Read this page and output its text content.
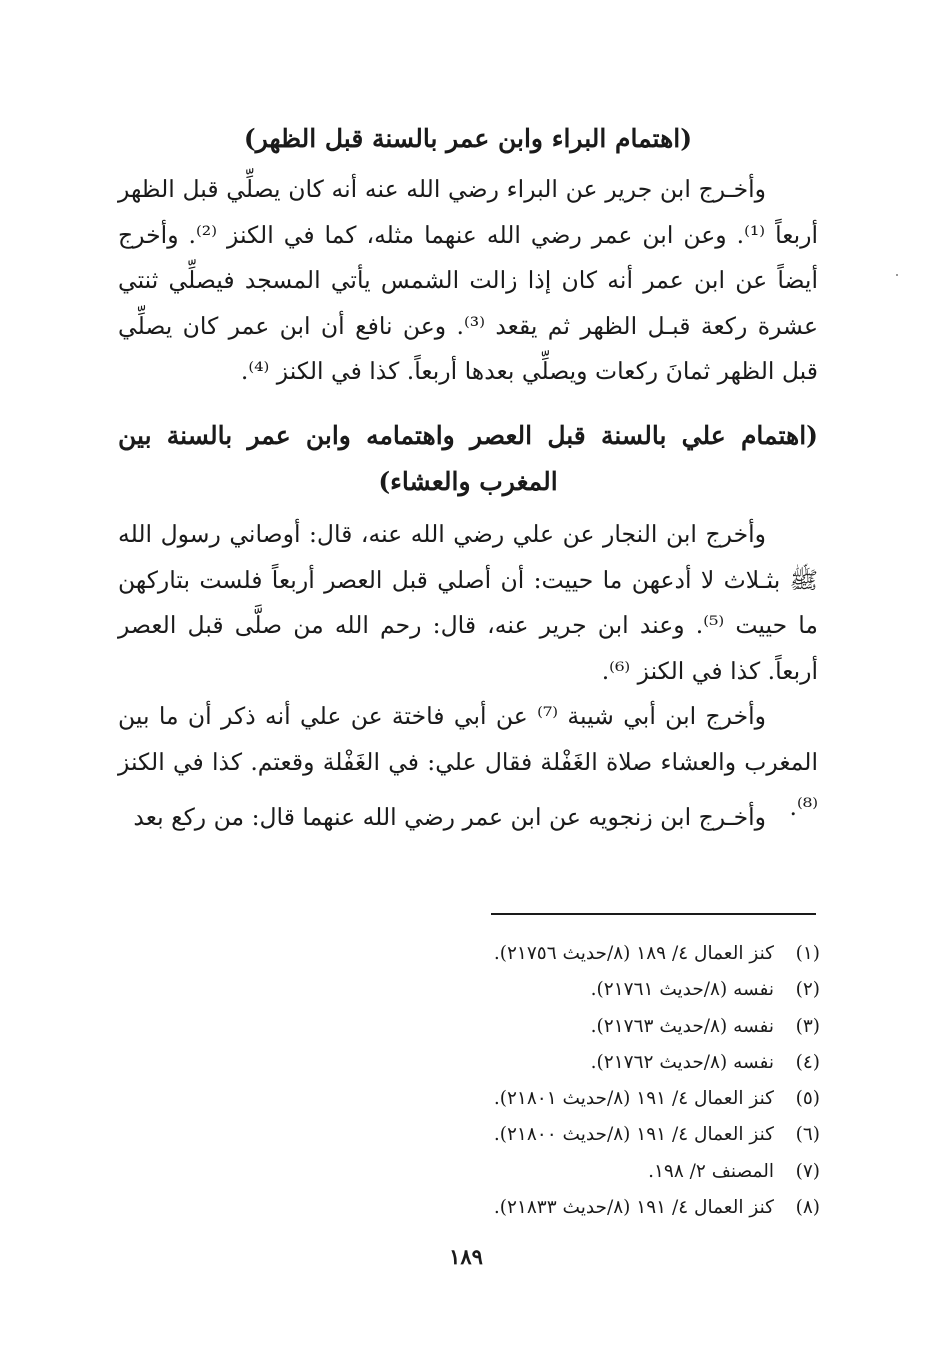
(اهتمام البراء وابن عمر بالسنة قبل الظهر)

وأخـرج ابن جرير عن البراء رضي الله عنه أنه كان يصلِّي قبل الظهر أربعاً ⁽¹⁾. وعن ابن عمر رضي الله عنهما مثله، كما في الكنز ⁽²⁾. وأخرج أيضاً عن ابن عمر أنه كان إذا زالت الشمس يأتي المسجد فيصلِّي ثنتي عشرة ركعة قبـل الظهر ثم يقعد ⁽³⁾. وعن نافع أن ابن عمر كان يصلِّي قبل الظهر ثمانَ ركعات ويصلِّي بعدها أربعاً. كذا في الكنز ⁽⁴⁾.

(اهتمام علي بالسنة قبل العصر واهتمامه وابن عمر بالسنة بين المغرب والعشاء)

وأخرج ابن النجار عن علي رضي الله عنه، قال: أوصاني رسول الله ﷺ بثـلاث لا أدعهن ما حييت: أن أصلي قبل العصر أربعاً فلست بتاركهن ما حييت ⁽⁵⁾. وعند ابن جرير عنه، قال: رحم الله من صلَّى قبل العصر أربعاً. كذا في الكنز ⁽⁶⁾.

وأخرج ابن أبي شيبة ⁽⁷⁾ عن أبي فاختة عن علي أنه ذكر أن ما بين المغرب والعشاء صلاة الغَفْلة فقال علي: في الغَفْلة وقعتم. كذا في الكنز ⁽⁸⁾.

وأخـرج ابن زنجويه عن ابن عمر رضي الله عنهما قال: من ركع بعد

(١)كنز العمال ٤/ ١٨٩ (٨/حديث ٢١٧٥٦).
(٢)نفسه (٨/حديث ٢١٧٦١).
(٣)نفسه (٨/حديث ٢١٧٦٣).
(٤)نفسه (٨/حديث ٢١٧٦٢).
(٥)كنز العمال ٤/ ١٩١ (٨/حديث ٢١٨٠١).
(٦)كنز العمال ٤/ ١٩١ (٨/حديث ٢١٨٠٠).
(٧)المصنف ٢/ ١٩٨.
(٨)كنز العمال ٤/ ١٩١ (٨/حديث ٢١٨٣٣).
١٨٩
